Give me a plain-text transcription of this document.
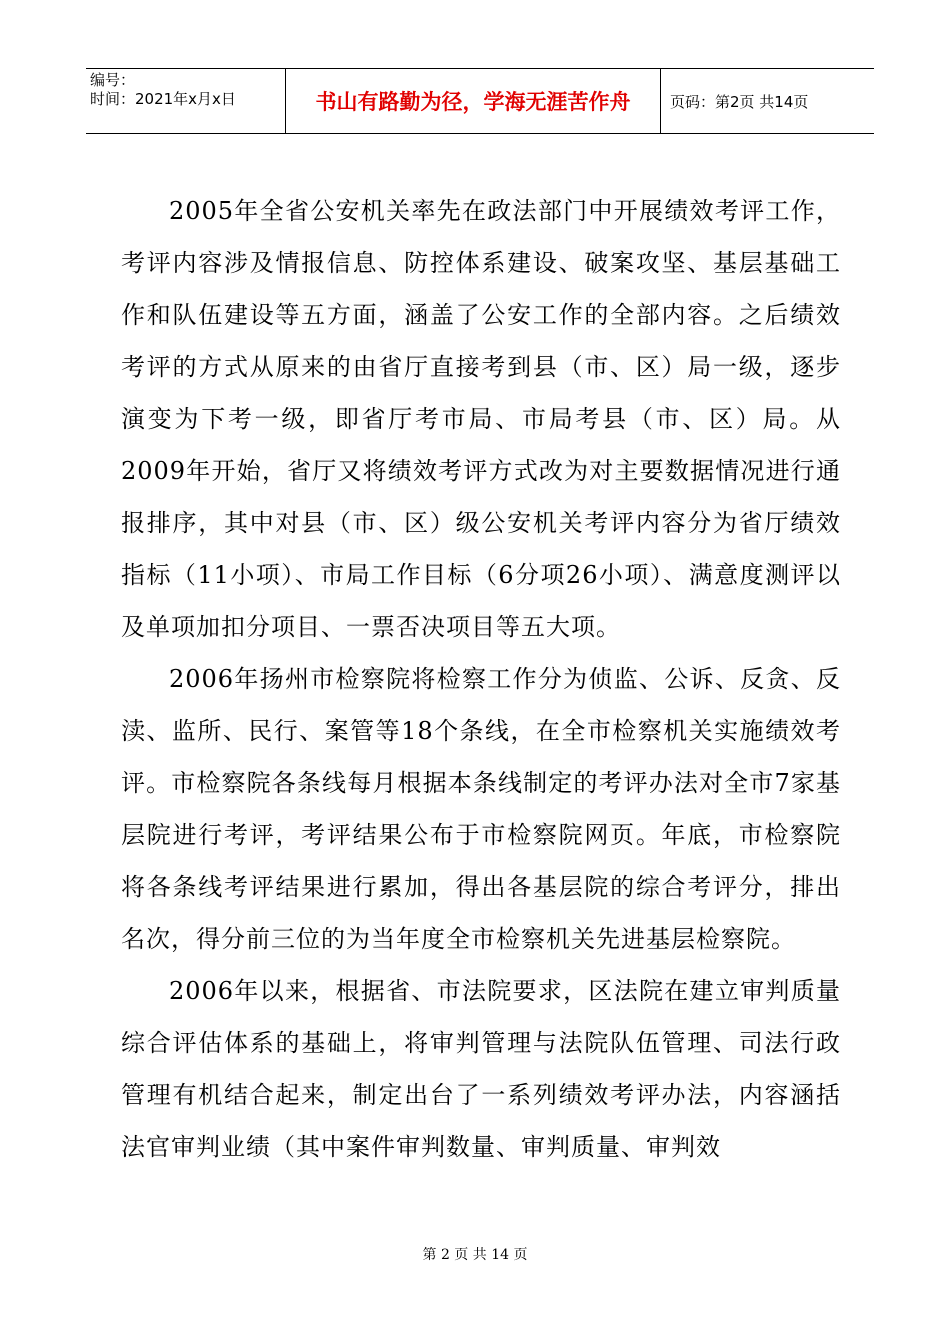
编号：
时间：2021年x月x日	书山有路勤为径，学海无涯苦作舟	页码：第2页 共14页

2005年全省公安机关率先在政法部门中开展绩效考评工作，考评内容涉及情报信息、防控体系建设、破案攻坚、基层基础工作和队伍建设等五方面，涵盖了公安工作的全部内容。之后绩效考评的方式从原来的由省厅直接考到县（市、区）局一级，逐步演变为下考一级，即省厅考市局、市局考县（市、区）局。从2009年开始，省厅又将绩效考评方式改为对主要数据情况进行通报排序，其中对县（市、区）级公安机关考评内容分为省厅绩效指标（11小项）、市局工作目标（6分项26小项）、满意度测评以及单项加扣分项目、一票否决项目等五大项。

2006年扬州市检察院将检察工作分为侦监、公诉、反贪、反渎、监所、民行、案管等18个条线，在全市检察机关实施绩效考评。市检察院各条线每月根据本条线制定的考评办法对全市7家基层院进行考评，考评结果公布于市检察院网页。年底，市检察院将各条线考评结果进行累加，得出各基层院的综合考评分，排出名次，得分前三位的为当年度全市检察机关先进基层检察院。

2006年以来，根据省、市法院要求，区法院在建立审判质量综合评估体系的基础上，将审判管理与法院队伍管理、司法行政管理有机结合起来，制定出台了一系列绩效考评办法，内容涵括法官审判业绩（其中案件审判数量、审判质量、审判效

第 2 页 共 14 页
